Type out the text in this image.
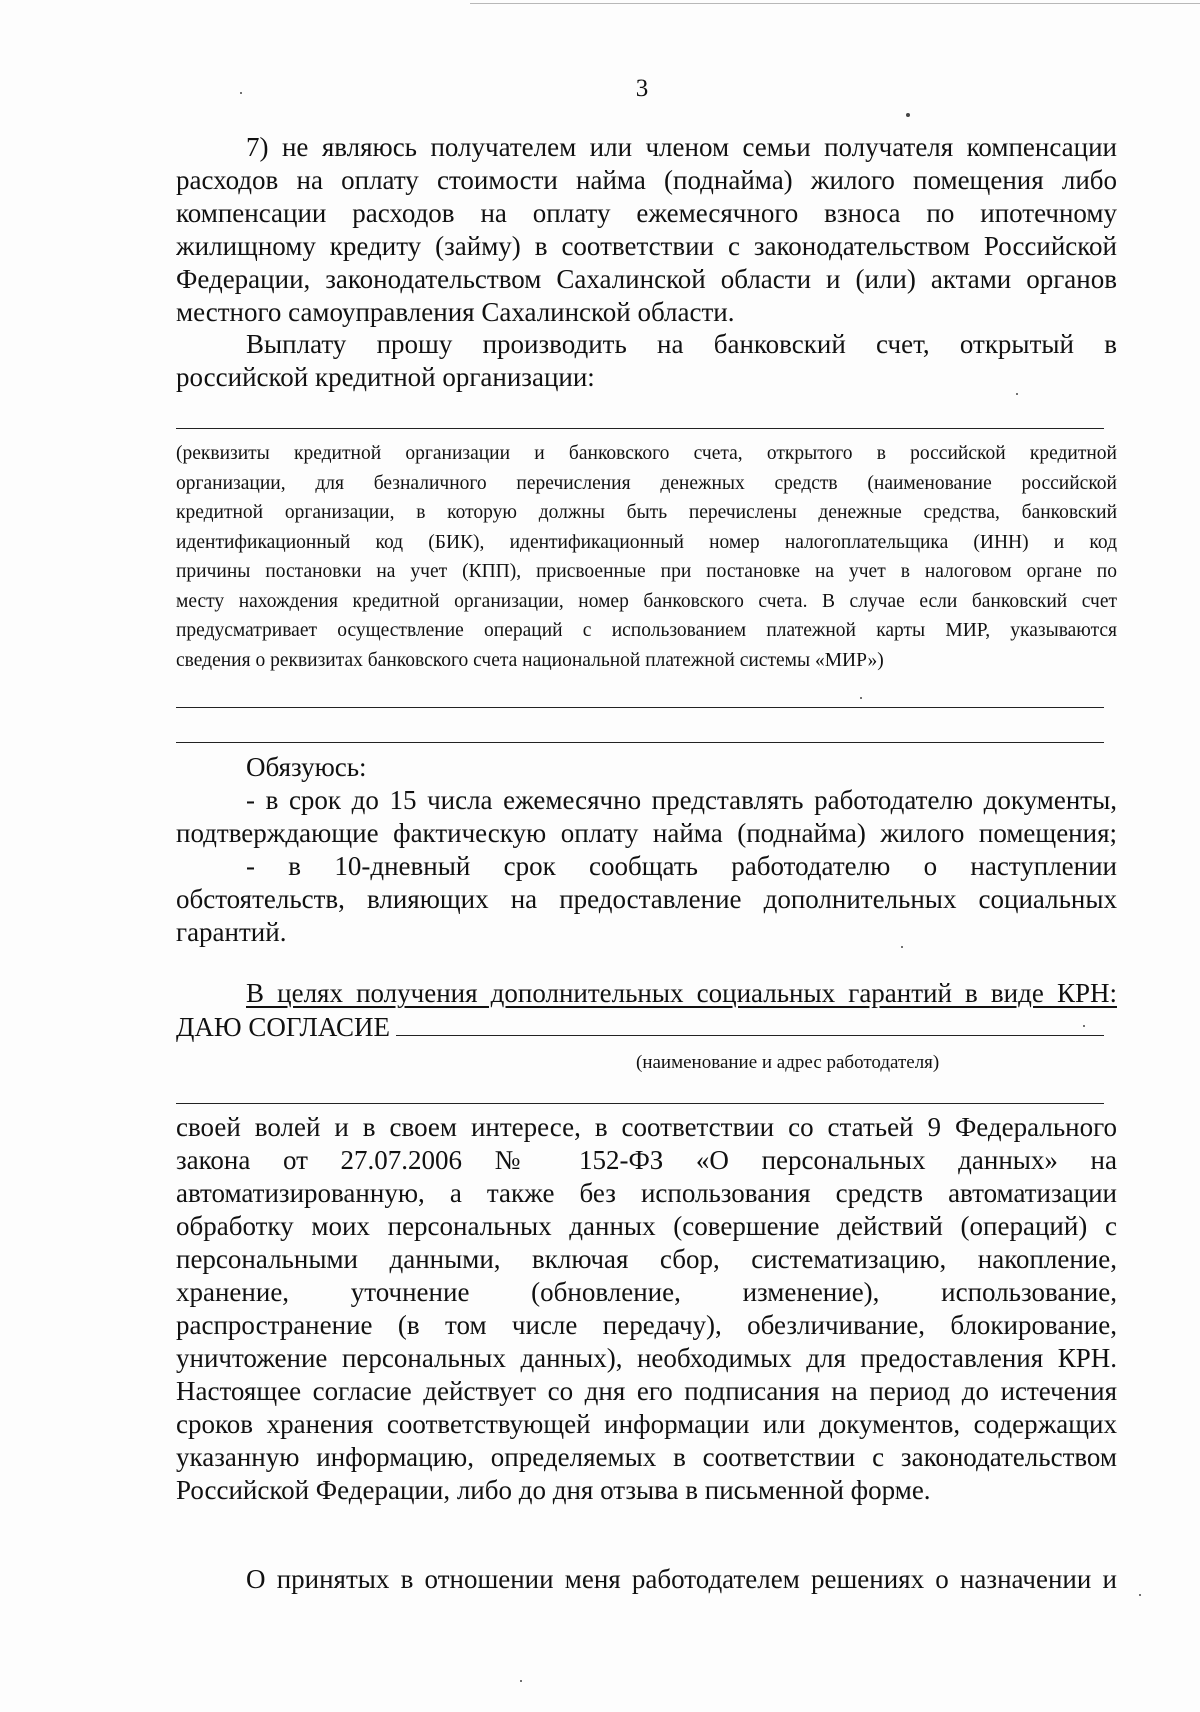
3
7) не являюсь получателем или членом семьи получателя компенсации
расходов на оплату стоимости найма (поднайма) жилого помещения либо
компенсации расходов на оплату ежемесячного взноса по ипотечному
жилищному кредиту (займу) в соответствии с законодательством Российской
Федерации, законодательством Сахалинской области и (или) актами органов
местного самоуправления Сахалинской области.
Выплату прошу производить на банковский счет, открытый в
российской кредитной организации:
(реквизиты кредитной организации и банковского счета, открытого в российской кредитной
организации, для безналичного перечисления денежных средств (наименование российской
кредитной организации, в которую должны быть перечислены денежные средства, банковский
идентификационный код (БИК), идентификационный номер налогоплательщика (ИНН) и код
причины постановки на учет (КПП), присвоенные при постановке на учет в налоговом органе по
месту нахождения кредитной организации, номер банковского счета. В случае если банковский счет
предусматривает осуществление операций с использованием платежной карты МИР, указываются
сведения о реквизитах банковского счета национальной платежной системы «МИР»)
Обязуюсь:
- в срок до 15 числа ежемесячно представлять работодателю документы,
подтверждающие фактическую оплату найма (поднайма) жилого помещения;
- в 10-дневный срок сообщать работодателю о наступлении
обстоятельств, влияющих на предоставление дополнительных социальных
гарантий.
В целях получения дополнительных социальных гарантий в виде КРН:
ДАЮ СОГЛАСИЕ
(наименование и адрес работодателя)
своей волей и в своем интересе, в соответствии со статьей 9 Федерального
закона от 27.07.2006 № 152-ФЗ «О персональных данных» на
автоматизированную, а также без использования средств автоматизации
обработку моих персональных данных (совершение действий (операций) с
персональными данными, включая сбор, систематизацию, накопление,
хранение, уточнение (обновление, изменение), использование,
распространение (в том числе передачу), обезличивание, блокирование,
уничтожение персональных данных), необходимых для предоставления КРН.
Настоящее согласие действует со дня его подписания на период до истечения
сроков хранения соответствующей информации или документов, содержащих
указанную информацию, определяемых в соответствии с законодательством
Российской Федерации, либо до дня отзыва в письменной форме.
О принятых в отношении меня работодателем решениях о назначении и
